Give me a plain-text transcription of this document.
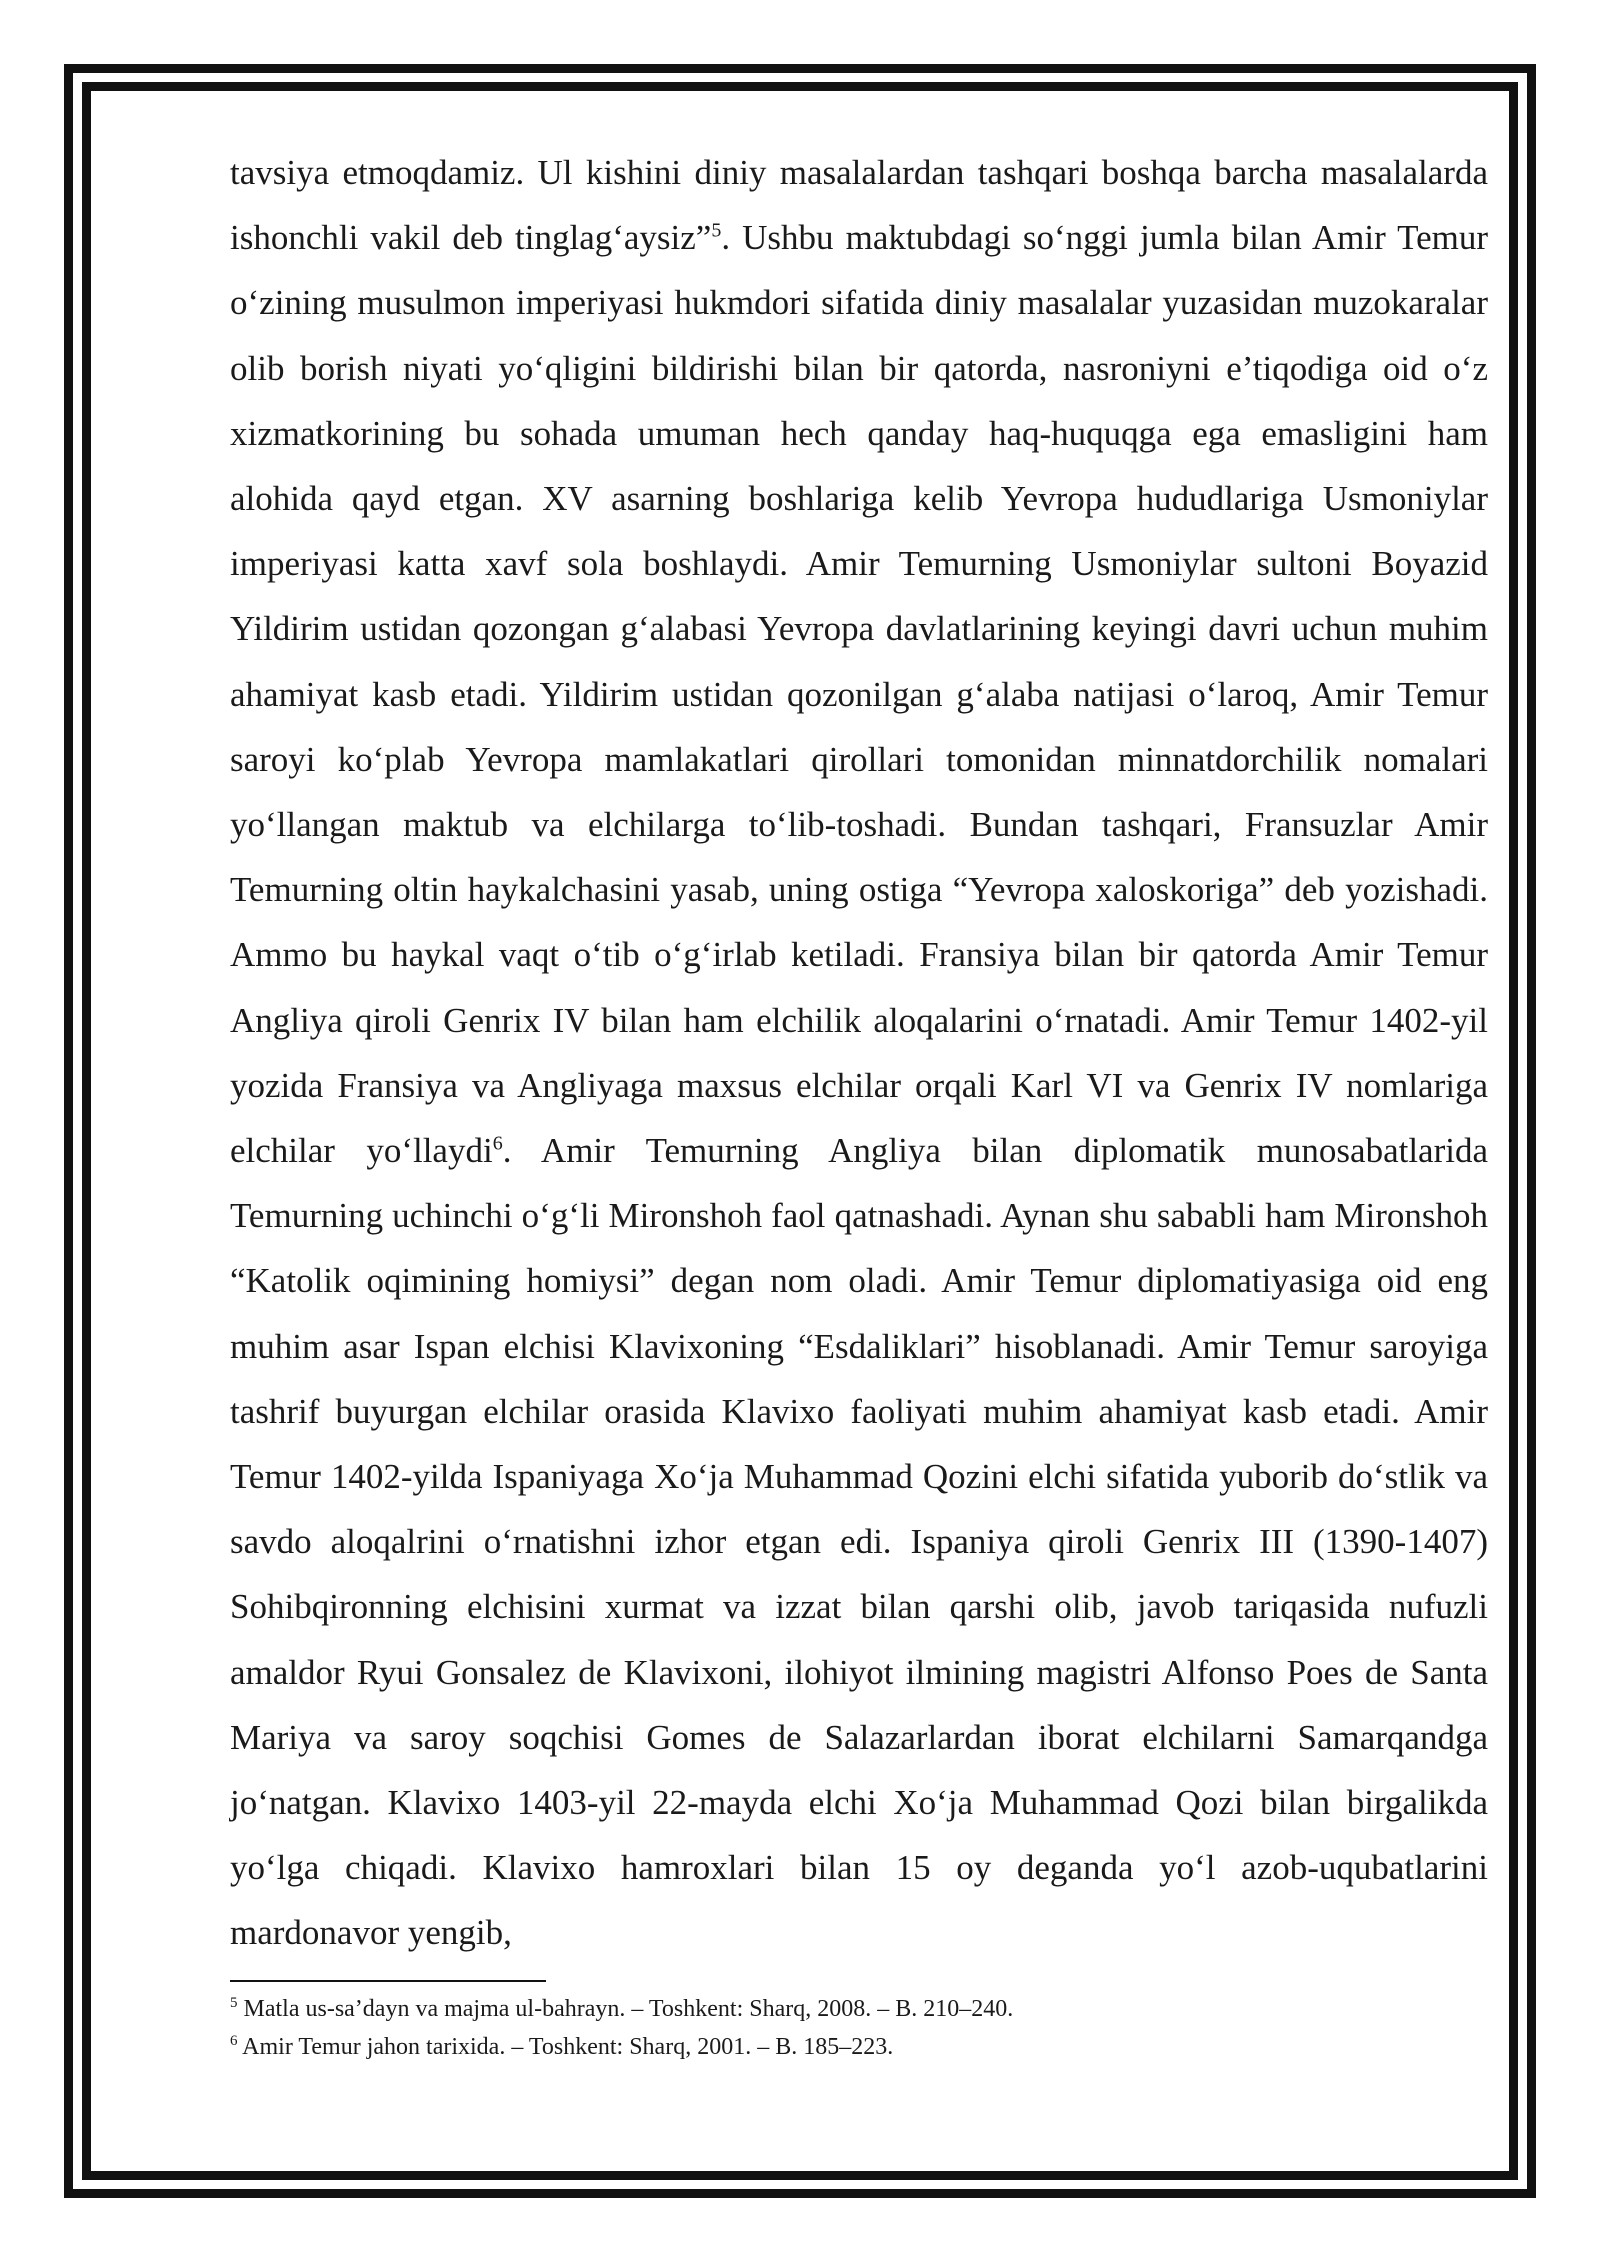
tavsiya etmoqdamiz. Ul kishini diniy masalalardan tashqari boshqa barcha masalalarda ishonchli vakil deb tinglag‘aysiz”$^5$. Ushbu maktubdagi so‘nggi jumla bilan Amir Temur o‘zining musulmon imperiyasi hukmdori sifatida diniy masalalar yuzasidan muzokaralar olib borish niyati yo‘qligini bildirishi bilan bir qatorda, nasroniyni e’tiqodiga oid o‘z xizmatkorining bu sohada umuman hech qanday haq-huquqga ega emasligini ham alohida qayd etgan. XV asarning boshlariga kelib Yevropa hududlariga Usmoniylar imperiyasi katta xavf sola boshlaydi. Amir Temurning Usmoniylar sultoni Boyazid Yildirim ustidan qozongan g‘alabasi Yevropa davlatlarining keyingi davri uchun muhim ahamiyat kasb etadi. Yildirim ustidan qozonilgan g‘alaba natijasi o‘laroq, Amir Temur saroyi ko‘plab Yevropa mamlakatlari qirollari tomonidan minnatdorchilik nomalari yo‘llangan maktub va elchilarga to‘lib-toshadi. Bundan tashqari, Fransuzlar Amir Temurning oltin haykalchasini yasab, uning ostiga “Yevropa xaloskoriga” deb yozishadi. Ammo bu haykal vaqt o‘tib o‘g‘irlab ketiladi. Fransiya bilan bir qatorda Amir Temur Angliya qiroli Genrix IV bilan ham elchilik aloqalarini o‘rnatadi. Amir Temur 1402-yil yozida Fransiya va Angliyaga maxsus elchilar orqali Karl VI va Genrix IV nomlariga elchilar yo‘llaydi$^6$. Amir Temurning Angliya bilan diplomatik munosabatlarida Temurning uchinchi o‘g‘li Mironshoh faol qatnashadi. Aynan shu sababli ham Mironshoh “Katolik oqimining homiysi” degan nom oladi. Amir Temur diplomatiyasiga oid eng muhim asar Ispan elchisi Klavixoning “Esdaliklari” hisoblanadi. Amir Temur saroyiga tashrif buyurgan elchilar orasida Klavixo faoliyati muhim ahamiyat kasb etadi. Amir Temur 1402-yilda Ispaniyaga Xo‘ja Muhammad Qozini elchi sifatida yuborib do‘stlik va savdo aloqalrini o‘rnatishni izhor etgan edi. Ispaniya qiroli Genrix III (1390-1407) Sohibqironning elchisini xurmat va izzat bilan qarshi olib, javob tariqasida nufuzli amaldor Ryui Gonsalez de Klavixoni, ilohiyot ilmining magistri Alfonso Poes de Santa Mariya va saroy soqchisi Gomes de Salazarlardan iborat elchilarni Samarqandga jo‘natgan. Klavixo 1403-yil 22-mayda elchi Xo‘ja Muhammad Qozi bilan birgalikda yo‘lga chiqadi. Klavixo hamroxlari bilan 15 oy deganda yo‘l azob-uqubatlarini mardonavor yengib,

$^5$ Matla us-sa’dayn va majma ul-bahrayn. – Toshkent: Sharq, 2008. – B. 210–240.

$^6$ Amir Temur jahon tarixida. – Toshkent: Sharq, 2001. – B. 185–223.
